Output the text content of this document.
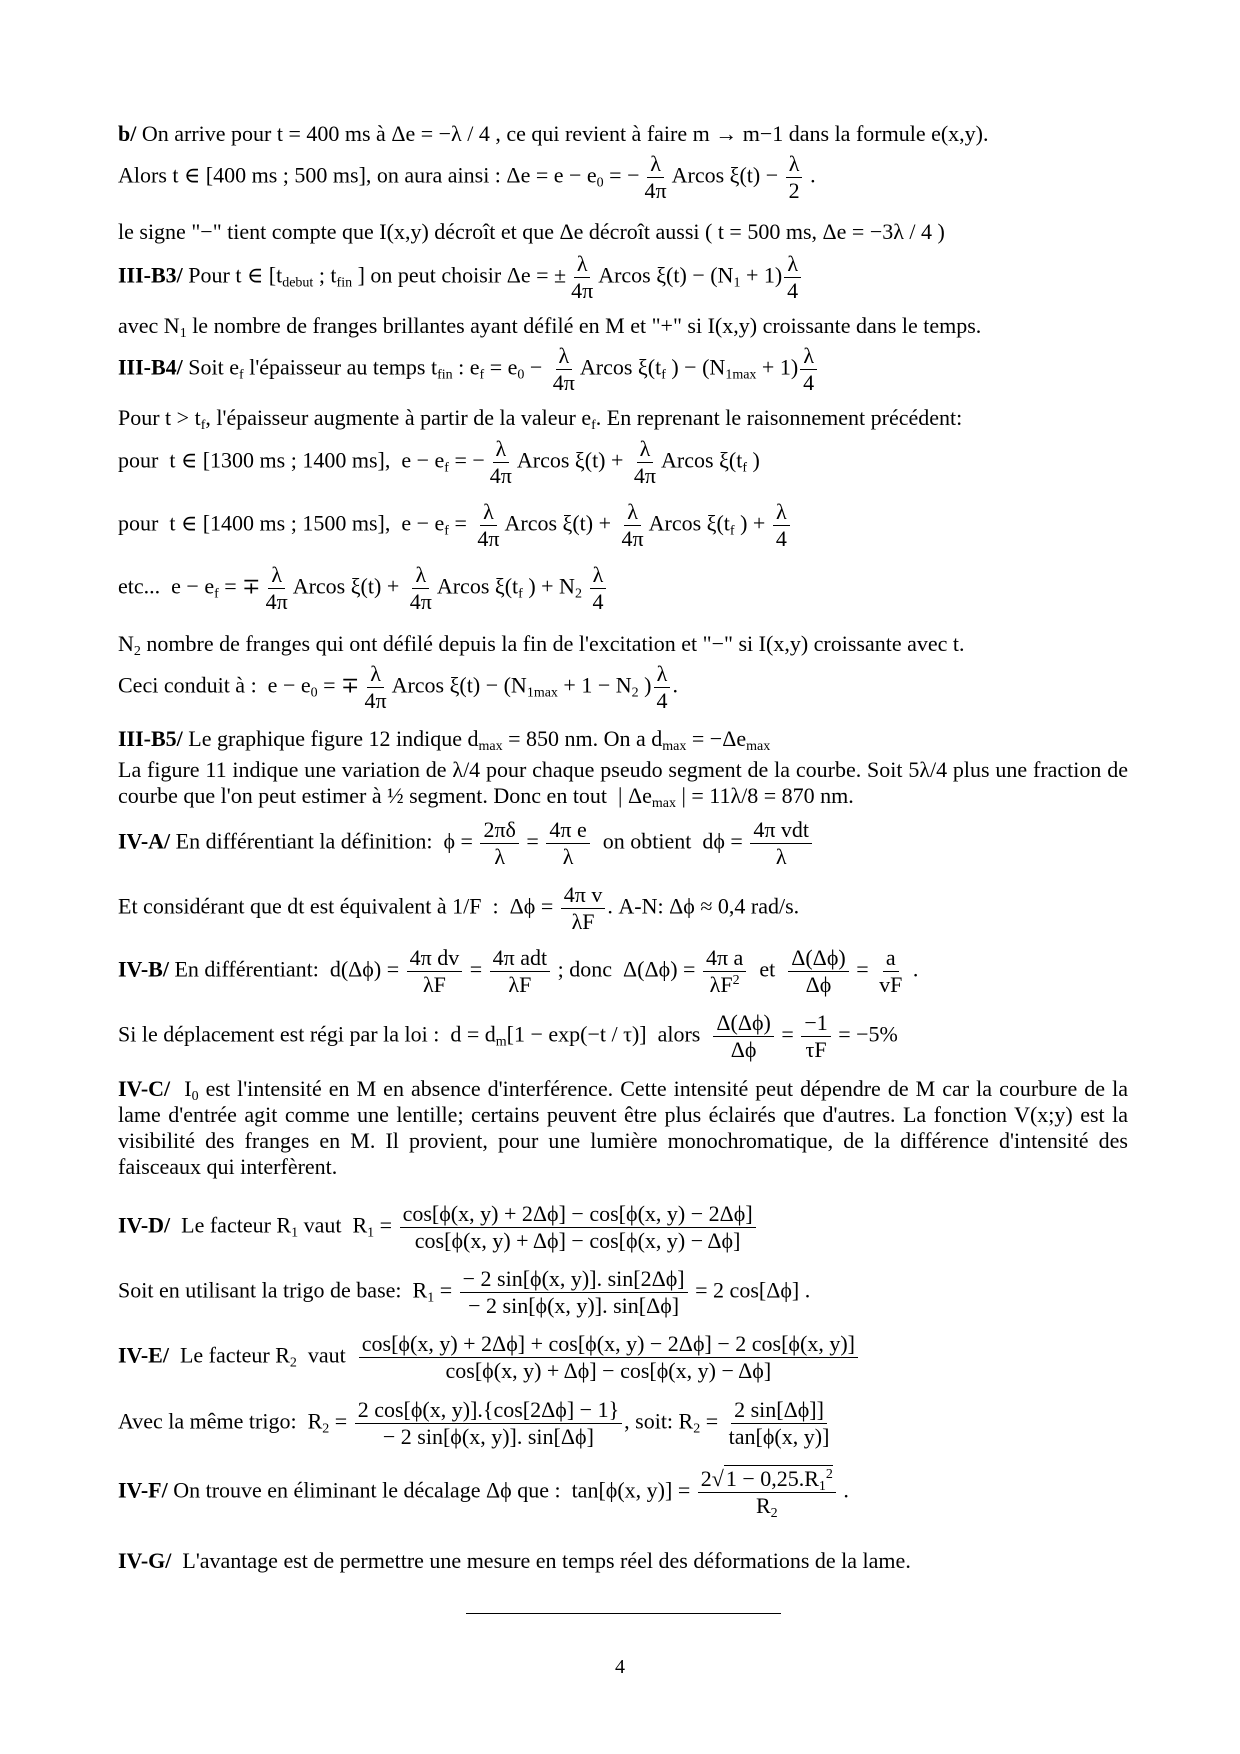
b/ On arrive pour t = 400 ms à Δe = −λ / 4 , ce qui revient à faire m → m−1 dans la formule e(x,y).
Alors t ∈ [400 ms ; 500 ms], on aura ainsi : $\Delta e = e - e_0$ = − $\frac{\lambda}{4\pi}$ Arcos $\xi(t) - \frac{\lambda}{2}$ .
le signe "−" tient compte que I(x,y) décroît et que Δe décroît aussi ( t = 500 ms, Δe = −3λ / 4 )
III-B3/ Pour t ∈ [$t_{debut}$ ; $t_{fin}$ ] on peut choisir Δe = ± $\frac{\lambda}{4\pi}$ Arcos $\xi(t) - (N_1 + 1) \frac{\lambda}{4}$
avec $N_1$ le nombre de franges brillantes ayant défilé en M et "+" si I(x,y) croissante dans le temps.
III-B4/ Soit $e_f$ l'épaisseur au temps $t_{fin}$ : $e_f = e_0 - \frac{\lambda}{4\pi}$ Arcos $\xi(t_f$ ) − $(N_{1max} + 1) \frac{\lambda}{4}$
Pour $t > t_f$, l'épaisseur augmente à partir de la valeur $e_f$. En reprenant le raisonnement précédent:
pour  t ∈ [1300 ms ; 1400 ms],  $e - e_f$ = − $\frac{\lambda}{4\pi}$ Arcos $\xi(t) + \frac{\lambda}{4\pi}$ Arcos $\xi(t_f$ )
pour  t ∈ [1400 ms ; 1500 ms],  $e - e_f = \frac{\lambda}{4\pi}$ Arcos $\xi(t) + \frac{\lambda}{4\pi}$ Arcos $\xi(t_f$ ) + $\frac{\lambda}{4}$
etc...  $e - e_f$ = ∓ $\frac{\lambda}{4\pi}$ Arcos $\xi(t) + \frac{\lambda}{4\pi}$ Arcos $\xi(t_f$ ) + $N_2 \frac{\lambda}{4}$
$N_2$ nombre de franges qui ont défilé depuis la fin de l'excitation et "−" si I(x,y) croissante avec t.
Ceci conduit à :  $e - e_0$ = ∓ $\frac{\lambda}{4\pi}$ Arcos $\xi(t) - (N_{1max} + 1 - N_2$ ) $\frac{\lambda}{4}$ .
III-B5/ Le graphique figure 12 indique $d_{max} = 850$ nm. On a $d_{max} = -\Delta e_{max}$
La figure 11 indique une variation de λ/4 pour chaque pseudo segment de la courbe. Soit 5λ/4 plus une fraction de courbe que l'on peut estimer à ½ segment. Donc en tout  | $\Delta e_{max}$ | = 11λ/8 = 870 nm.
IV-A/ En différentiant la définition:  $\phi = \frac{2\pi\delta}{\lambda} = \frac{\text{4π e}}{\lambda}$ on obtient  $d\phi = \frac{\text{4π vdt}}{\lambda}$
Et considérant que dt est équivalent à 1/F  :  $\Delta\phi = \frac{\text{4π v}}{\lambda F}$ . A-N: Δϕ ≈ 0,4 rad/s.
IV-B/ En différentiant:  $d(\Delta\phi) = \frac{\text{4π dv}}{\lambda F} = \frac{\text{4π adt}}{\lambda F}$ ; donc  $\Delta(\Delta\phi) = \frac{\text{4π a}}{\lambda F^2}$ et $\frac{\Delta(\Delta\phi)}{\Delta\phi} = \frac{a}{vF}$ .
Si le déplacement est régi par la loi :  $d = d_m[1 - \exp(-t / \tau)]$  alors $\frac{\Delta(\Delta\phi)}{\Delta\phi} = \frac{-1}{\tau F} = -5\%$
IV-C/  $I_0$ est l'intensité en M en absence d'interférence. Cette intensité peut dépendre de M car la courbure de la lame d'entrée agit comme une lentille; certains peuvent être plus éclairés que d'autres. La fonction V(x;y) est la visibilité des franges en M. Il provient, pour une lumière monochromatique, de la différence d'intensité des faisceaux qui interfèrent.
IV-D/  Le facteur $R_1$ vaut  $R_1 = \frac{\cos[\phi(x, y) + 2\Delta\phi] - \cos[\phi(x, y) - 2\Delta\phi]}{\cos[\phi(x, y) + \Delta\phi] - \cos[\phi(x, y) - \Delta\phi]}$
Soit en utilisant la trigo de base:  $R_1 = \frac{- 2 \sin[\phi(x, y)]. \sin[2\Delta\phi]}{- 2 \sin[\phi(x, y)]. \sin[\Delta\phi]} = 2$ cos[Δϕ] .
IV-E/  Le facteur $R_2$  vaut $\frac{\cos[\phi(x, y) + 2\Delta\phi] + \cos[\phi(x, y) - 2\Delta\phi] - 2 \cos[\phi(x, y)]}{\cos[\phi(x, y) + \Delta\phi] - \cos[\phi(x, y) - \Delta\phi]}$
Avec la même trigo:  $R_2 = \frac{2 \cos[\phi(x, y)].\{\cos[2\Delta\phi] - 1\}}{- 2 \sin[\phi(x, y)]. \sin[\Delta\phi]}$ , soit: $R_2 = \frac{2 \sin[\Delta\phi]]}{\tan[\phi(x, y)]}$
IV-F/ On trouve en éliminant le décalage Δϕ que :  tan[ϕ(x, $y)] = \frac{2√1 - 0,25.R_1^2}{R_2}$ .
IV-G/  L'avantage est de permettre une mesure en temps réel des déformations de la lame.
4
